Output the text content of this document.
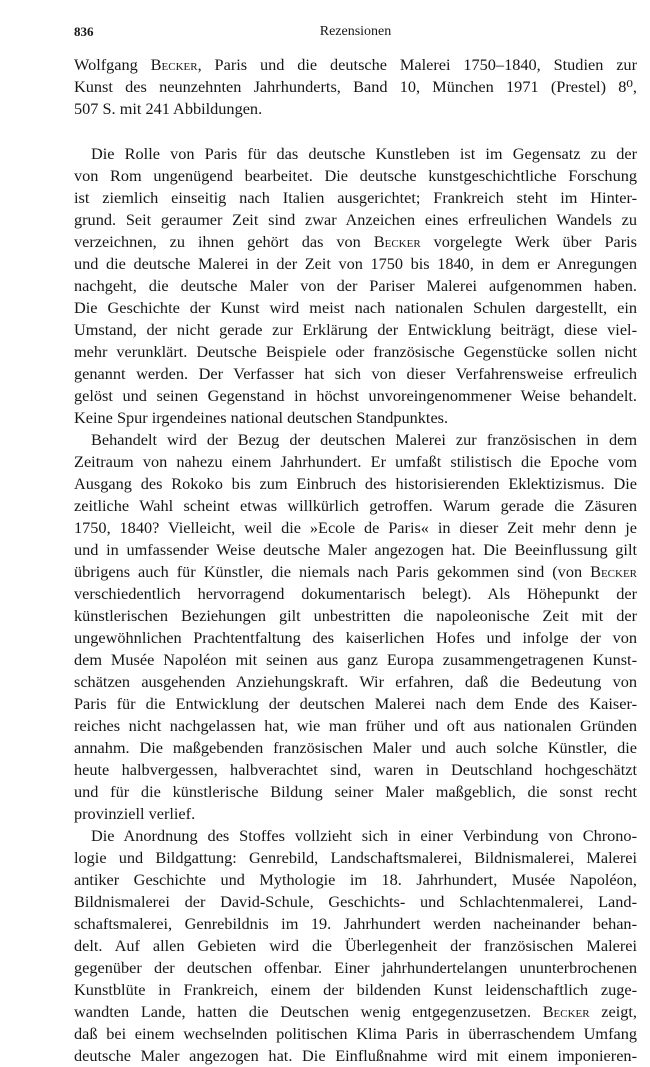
836	Rezensionen
Wolfgang Becker, Paris und die deutsche Malerei 1750–1840, Studien zur
Kunst des neunzehnten Jahrhunderts, Band 10, München 1971 (Prestel) 8⁰,
507 S. mit 241 Abbildungen.
Die Rolle von Paris für das deutsche Kunstleben ist im Gegensatz zu der
von Rom ungenügend bearbeitet. Die deutsche kunstgeschichtliche Forschung
ist ziemlich einseitig nach Italien ausgerichtet; Frankreich steht im Hinter-
grund. Seit geraumer Zeit sind zwar Anzeichen eines erfreulichen Wandels zu
verzeichnen, zu ihnen gehört das von Becker vorgelegte Werk über Paris
und die deutsche Malerei in der Zeit von 1750 bis 1840, in dem er Anregungen
nachgeht, die deutsche Maler von der Pariser Malerei aufgenommen haben.
Die Geschichte der Kunst wird meist nach nationalen Schulen dargestellt, ein
Umstand, der nicht gerade zur Erklärung der Entwicklung beiträgt, diese viel-
mehr verunklärt. Deutsche Beispiele oder französische Gegenstücke sollen nicht
genannt werden. Der Verfasser hat sich von dieser Verfahrensweise erfreulich
gelöst und seinen Gegenstand in höchst unvoreingenommener Weise behandelt.
Keine Spur irgendeines national deutschen Standpunktes.
Behandelt wird der Bezug der deutschen Malerei zur französischen in dem
Zeitraum von nahezu einem Jahrhundert. Er umfaßt stilistisch die Epoche vom
Ausgang des Rokoko bis zum Einbruch des historisierenden Eklektizismus. Die
zeitliche Wahl scheint etwas willkürlich getroffen. Warum gerade die Zäsuren
1750, 1840? Vielleicht, weil die »Ecole de Paris« in dieser Zeit mehr denn je
und in umfassender Weise deutsche Maler angezogen hat. Die Beeinflussung gilt
übrigens auch für Künstler, die niemals nach Paris gekommen sind (von Becker
verschiedentlich hervorragend dokumentarisch belegt). Als Höhepunkt der
künstlerischen Beziehungen gilt unbestritten die napoleonische Zeit mit der
ungewöhnlichen Prachtentfaltung des kaiserlichen Hofes und infolge der von
dem Musée Napoléon mit seinen aus ganz Europa zusammengetragenen Kunst-
schätzen ausgehenden Anziehungskraft. Wir erfahren, daß die Bedeutung von
Paris für die Entwicklung der deutschen Malerei nach dem Ende des Kaiser-
reiches nicht nachgelassen hat, wie man früher und oft aus nationalen Gründen
annahm. Die maßgebenden französischen Maler und auch solche Künstler, die
heute halbvergessen, halbverachtet sind, waren in Deutschland hochgeschätzt
und für die künstlerische Bildung seiner Maler maßgeblich, die sonst recht
provinziell verlief.
Die Anordnung des Stoffes vollzieht sich in einer Verbindung von Chrono-
logie und Bildgattung: Genrebild, Landschaftsmalerei, Bildnismalerei, Malerei
antiker Geschichte und Mythologie im 18. Jahrhundert, Musée Napoléon,
Bildnismalerei der David-Schule, Geschichts- und Schlachtenmalerei, Land-
schaftsmalerei, Genrebildnis im 19. Jahrhundert werden nacheinander behan-
delt. Auf allen Gebieten wird die Überlegenheit der französischen Malerei
gegenüber der deutschen offenbar. Einer jahrhundertelangen ununterbrochenen
Kunstblüte in Frankreich, einem der bildenden Kunst leidenschaftlich zuge-
wandten Lande, hatten die Deutschen wenig entgegenzusetzen. Becker zeigt,
daß bei einem wechselnden politischen Klima Paris in überraschendem Umfang
deutsche Maler angezogen hat. Die Einflußnahme wird mit einem imponieren-
